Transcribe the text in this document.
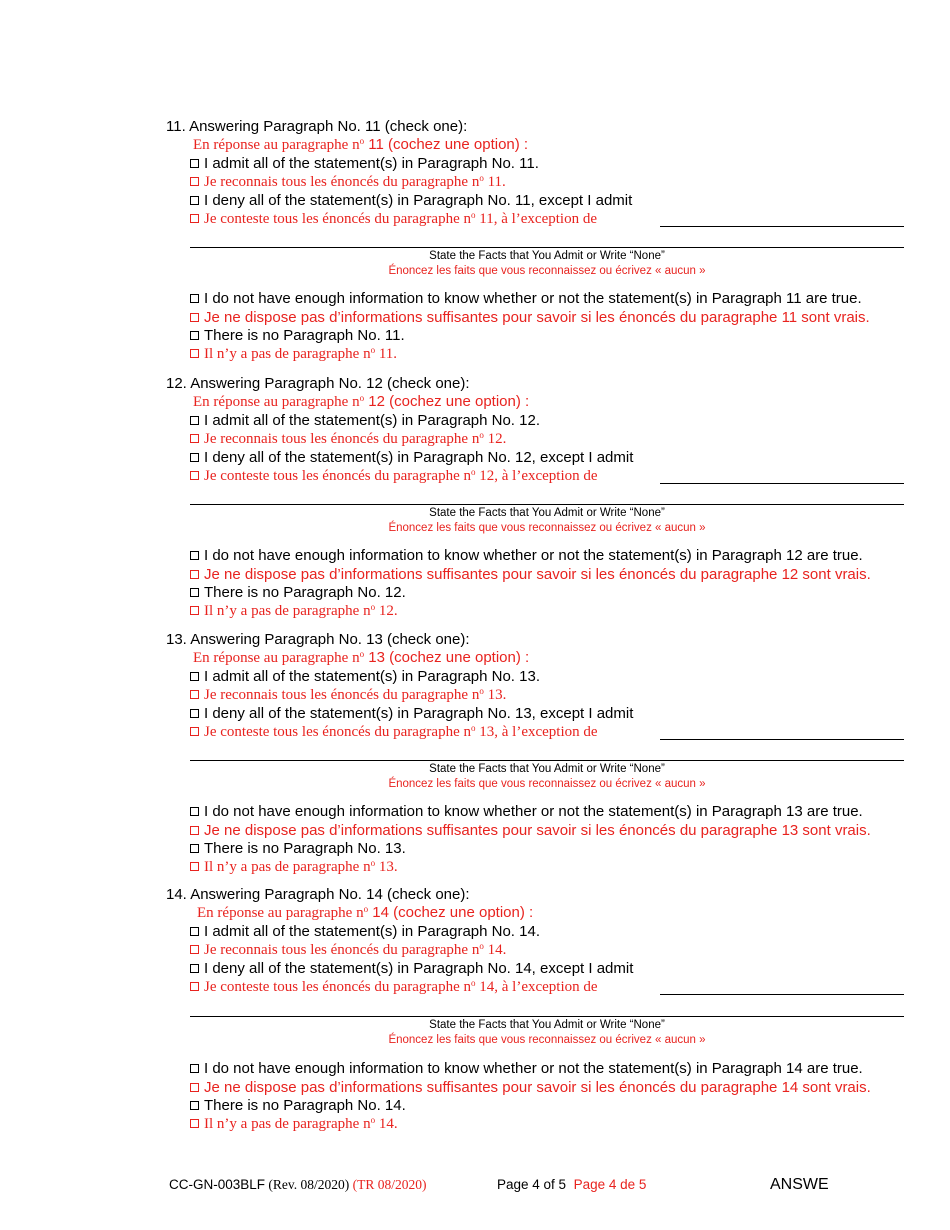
11. Answering Paragraph No. 11 (check one):
En réponse au paragraphe $n^o$ 11 (cochez une option) :
I admit all of the statement(s) in Paragraph No. 11.
Je reconnais tous les énoncés du paragraphe $n^o$ 11.
I deny all of the statement(s) in Paragraph No. 11, except I admit
Je conteste tous les énoncés du paragraphe $n^o$ 11, à l’exception de
State the Facts that You Admit or Write “None”
Énoncez les faits que vous reconnaissez ou écrivez « aucun »
I do not have enough information to know whether or not the statement(s) in Paragraph 11 are true.
Je ne dispose pas d’informations suffisantes pour savoir si les énoncés du paragraphe 11 sont vrais.
There is no Paragraph No. 11.
Il n’y a pas de paragraphe $n^o$ 11.
12. Answering Paragraph No. 12 (check one):
En réponse au paragraphe $n^o$ 12 (cochez une option) :
I admit all of the statement(s) in Paragraph No. 12.
Je reconnais tous les énoncés du paragraphe $n^o$ 12.
I deny all of the statement(s) in Paragraph No. 12, except I admit
Je conteste tous les énoncés du paragraphe $n^o$ 12, à l’exception de
State the Facts that You Admit or Write “None”
Énoncez les faits que vous reconnaissez ou écrivez « aucun »
I do not have enough information to know whether or not the statement(s) in Paragraph 12 are true.
Je ne dispose pas d’informations suffisantes pour savoir si les énoncés du paragraphe 12 sont vrais.
There is no Paragraph No. 12.
Il n’y a pas de paragraphe $n^o$ 12.
13. Answering Paragraph No. 13 (check one):
En réponse au paragraphe $n^o$ 13 (cochez une option) :
I admit all of the statement(s) in Paragraph No. 13.
Je reconnais tous les énoncés du paragraphe $n^o$ 13.
I deny all of the statement(s) in Paragraph No. 13, except I admit
Je conteste tous les énoncés du paragraphe $n^o$ 13, à l’exception de
State the Facts that You Admit or Write “None”
Énoncez les faits que vous reconnaissez ou écrivez « aucun »
I do not have enough information to know whether or not the statement(s) in Paragraph 13 are true.
Je ne dispose pas d’informations suffisantes pour savoir si les énoncés du paragraphe 13 sont vrais.
There is no Paragraph No. 13.
Il n’y a pas de paragraphe $n^o$ 13.
14. Answering Paragraph No. 14 (check one):
En réponse au paragraphe $n^o$ 14 (cochez une option) :
I admit all of the statement(s) in Paragraph No. 14.
Je reconnais tous les énoncés du paragraphe $n^o$ 14.
I deny all of the statement(s) in Paragraph No. 14, except I admit
Je conteste tous les énoncés du paragraphe $n^o$ 14, à l’exception de
State the Facts that You Admit or Write “None”
Énoncez les faits que vous reconnaissez ou écrivez « aucun »
I do not have enough information to know whether or not the statement(s) in Paragraph 14 are true.
Je ne dispose pas d’informations suffisantes pour savoir si les énoncés du paragraphe 14 sont vrais.
There is no Paragraph No. 14.
Il n’y a pas de paragraphe $n^o$ 14.
CC-GN-003BLF (Rev. 08/2020) (TR 08/2020)	Page 4 of 5  Page 4 de 5	ANSWE
